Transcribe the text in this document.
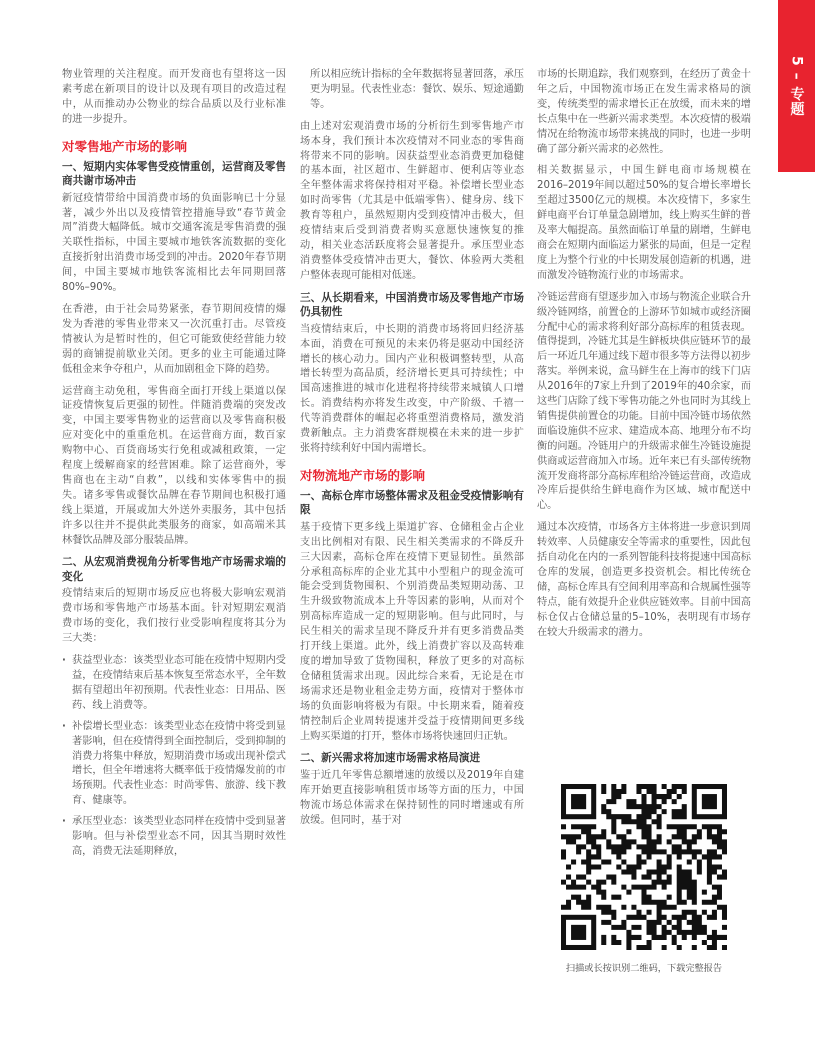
5 – 专题

物业管理的关注程度。而开发商也有望将这一因素考虑在新项目的设计以及现有项目的改造过程中，从而推动办公物业的综合品质以及行业标准的进一步提升。

对零售地产市场的影响
一、短期内实体零售受疫情重创，运营商及零售商共谢市场冲击

新冠疫情带给中国消费市场的负面影响已十分显著，减少外出以及疫情管控措施导致“春节黄金周”消费大幅降低。城市交通客流是零售消费的强关联性指标，中国主要城市地铁客流数据的变化直接折射出消费市场受到的冲击。2020年春节期间，中国主要城市地铁客流相比去年同期回落80%–90%。

在香港，由于社会局势紧张，春节期间疫情的爆发为香港的零售业带来又一次沉重打击。尽管疫情被认为是暂时性的，但它可能致使经营能力较弱的商铺提前歇业关闭。更多的业主可能通过降低租金来争夺租户，从而加剧租金下降的趋势。

运营商主动免租，零售商全面打开线上渠道以保证疫情恢复后更强的韧性。伴随消费端的突发改变，中国主要零售物业的运营商以及零售商积极应对变化中的重重危机。在运营商方面，数百家购物中心、百货商场实行免租或减租政策，一定程度上缓解商家的经营困难。除了运营商外，零售商也在主动“自救”，以线和实体零售中的损失。诸多零售或餐饮品牌在春节期间也积极打通线上渠道，开展或加大外送外卖服务，其中包括许多以往并不提供此类服务的商家，如高端米其林餐饮品牌及部分服装品牌。

二、从宏观消费视角分析零售地产市场需求端的变化

疫情结束后的短期市场反应也将极大影响宏观消费市场和零售地产市场基本面。针对短期宏观消费市场的变化，我们按行业受影响程度将其分为三大类：

· 获益型业态：该类型业态可能在疫情中短期内受益，在疫情结束后基本恢复至常态水平，全年数据有望超出年初预期。代表性业态：日用品、医药、线上消费等。
· 补偿增长型业态：该类型业态在疫情中将受到显著影响，但在疫情得到全面控制后，受到抑制的消费力将集中释放，短期消费市场或出现补偿式增长，但全年增速将大概率低于疫情爆发前的市场预期。代表性业态：时尚零售、旅游、线下教育、健康等。
· 承压型业态：该类型业态同样在疫情中受到显著影响。但与补偿型业态不同，因其当期时效性高，消费无法延期释放，

所以相应统计指标的全年数据将显著回落，承压更为明显。代表性业态：餐饮、娱乐、短途通勤等。

由上述对宏观消费市场的分析衍生到零售地产市场本身，我们预计本次疫情对不同业态的零售商将带来不同的影响。因获益型业态消费更加稳健的基本面，社区超市、生鲜超市、便利店等业态全年整体需求将保持相对平稳。补偿增长型业态如时尚零售（尤其是中低端零售）、健身房、线下教育等租户，虽然短期内受到疫情冲击极大，但疫情结束后受到消费者购买意愿快速恢复的推动，相关业态活跃度将会显著提升。承压型业态消费整体受疫情冲击更大，餐饮、体验两大类租户整体表现可能相对低迷。

三、从长期看来，中国消费市场及零售地产市场仍具韧性

当疫情结束后，中长期的消费市场将回归经济基本面，消费在可预见的未来仍将是驱动中国经济增长的核心动力。国内产业积极调整转型，从高增长转型为高品质，经济增长更具可持续性；中国高速推进的城市化进程将持续带来城镇人口增长。消费结构亦将发生改变，中产阶级、千禧一代等消费群体的崛起必将重塑消费格局，激发消费新触点。主力消费客群规模在未来的进一步扩张将持续利好中国内需增长。

对物流地产市场的影响
一、高标仓库市场整体需求及租金受疫情影响有限

基于疫情下更多线上渠道扩容、仓储租金占企业支出比例相对有限、民生相关类需求的不降反升三大因素，高标仓库在疫情下更显韧性。虽然部分承租高标库的企业尤其中小型租户的现金流可能会受到货物囤积、个别消费品类短期动荡、卫生升级致物流成本上升等因素的影响，从而对个别高标库造成一定的短期影响。但与此同时，与民生相关的需求呈现不降反升并有更多消费品类打开线上渠道。此外，线上消费扩容以及高转难度的增加导致了货物囤积，释放了更多的对高标仓储租赁需求出现。因此综合来看，无论是在市场需求还是物业租金走势方面，疫情对于整体市场的负面影响将极为有限。中长期来看，随着疫情控制后企业周转提速并受益于疫情期间更多线上购买渠道的打开，整体市场将快速回归正轨。

二、新兴需求将加速市场需求格局演进

鉴于近几年零售总额增速的放缓以及2019年自建库开始更直接影响租赁市场等方面的压力，中国物流市场总体需求在保持韧性的同时增速或有所放缓。但同时，基于对

市场的长期追踪，我们观察到，在经历了黄金十年之后，中国物流市场正在发生需求格局的演变，传统类型的需求增长正在放缓，而未来的增长点集中在一些新兴需求类型。本次疫情的极端情况在给物流市场带来挑战的同时，也进一步明确了部分新兴需求的必然性。

相关数据显示，中国生鲜电商市场规模在2016–2019年间以超过50%的复合增长率增长至超过3500亿元的规模。本次疫情下，多家生鲜电商平台订单量急剧增加，线上购买生鲜的普及率大幅提高。虽然面临订单量的剧增，生鲜电商会在短期内面临运力紧张的局面，但是一定程度上为整个行业的中长期发展创造新的机遇，进而激发冷链物流行业的市场需求。

冷链运营商有望逐步加入市场与物流企业联合升级冷链网络，前置仓的上游环节如城市或经济圈分配中心的需求将利好部分高标库的租赁表现。值得提到，冷链尤其是生鲜板块供应链环节的最后一环近几年通过线下超市很多等方法得以初步落实。举例来说，盒马鲜生在上海市的线下门店从2016年的7家上升到了2019年的40余家，而这些门店除了线下零售功能之外也同时为其线上销售提供前置仓的功能。目前中国冷链市场依然面临设施供不应求、建造成本高、地理分布不均衡的问题。冷链用户的升级需求催生冷链设施提供商或运营商加入市场。近年来已有头部传统物流开发商将部分高标库租给冷链运营商，改造成冷库后提供给生鲜电商作为区域、城市配送中心。

通过本次疫情，市场各方主体将进一步意识到周转效率、人员健康安全等需求的重要性，因此包括自动化在内的一系列智能科技将提速中国高标仓库的发展，创造更多投资机会。相比传统仓储，高标仓库具有空间利用率高和合规属性强等特点，能有效提升企业供应链效率。目前中国高标仓仅占仓储总量的5–10%，表明现有市场存在较大升级需求的潜力。

扫描或长按识别二维码，下载完整报告
